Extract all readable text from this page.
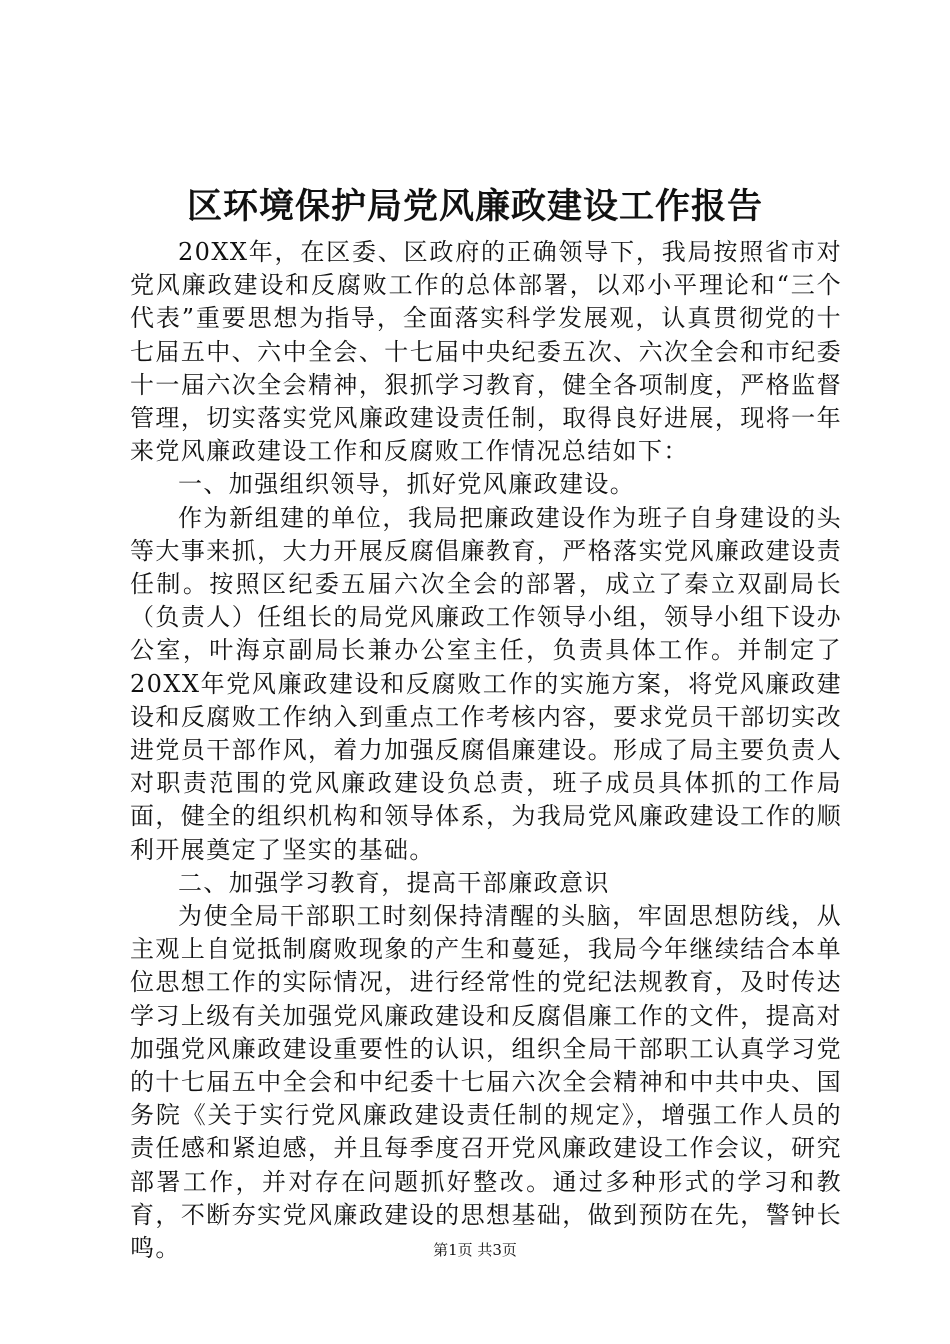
区环境保护局党风廉政建设工作报告

20XX年，在区委、区政府的正确领导下，我局按照省市对党风廉政建设和反腐败工作的总体部署，以邓小平理论和“三个代表”重要思想为指导，全面落实科学发展观，认真贯彻党的十七届五中、六中全会、十七届中央纪委五次、六次全会和市纪委十一届六次全会精神，狠抓学习教育，健全各项制度，严格监督管理，切实落实党风廉政建设责任制，取得良好进展，现将一年来党风廉政建设工作和反腐败工作情况总结如下：

一、加强组织领导，抓好党风廉政建设。

作为新组建的单位，我局把廉政建设作为班子自身建设的头等大事来抓，大力开展反腐倡廉教育，严格落实党风廉政建设责任制。按照区纪委五届六次全会的部署，成立了秦立双副局长（负责人）任组长的局党风廉政工作领导小组，领导小组下设办公室，叶海京副局长兼办公室主任，负责具体工作。并制定了20XX年党风廉政建设和反腐败工作的实施方案，将党风廉政建设和反腐败工作纳入到重点工作考核内容，要求党员干部切实改进党员干部作风，着力加强反腐倡廉建设。形成了局主要负责人对职责范围的党风廉政建设负总责，班子成员具体抓的工作局面，健全的组织机构和领导体系，为我局党风廉政建设工作的顺利开展奠定了坚实的基础。

二、加强学习教育，提高干部廉政意识

为使全局干部职工时刻保持清醒的头脑，牢固思想防线，从主观上自觉抵制腐败现象的产生和蔓延，我局今年继续结合本单位思想工作的实际情况，进行经常性的党纪法规教育，及时传达学习上级有关加强党风廉政建设和反腐倡廉工作的文件，提高对加强党风廉政建设重要性的认识，组织全局干部职工认真学习党的十七届五中全会和中纪委十七届六次全会精神和中共中央、国务院《关于实行党风廉政建设责任制的规定》，增强工作人员的责任感和紧迫感，并且每季度召开党风廉政建设工作会议，研究部署工作，并对存在问题抓好整改。通过多种形式的学习和教育，不断夯实党风廉政建设的思想基础，做到预防在先，警钟长鸣。	第1页 共3页
